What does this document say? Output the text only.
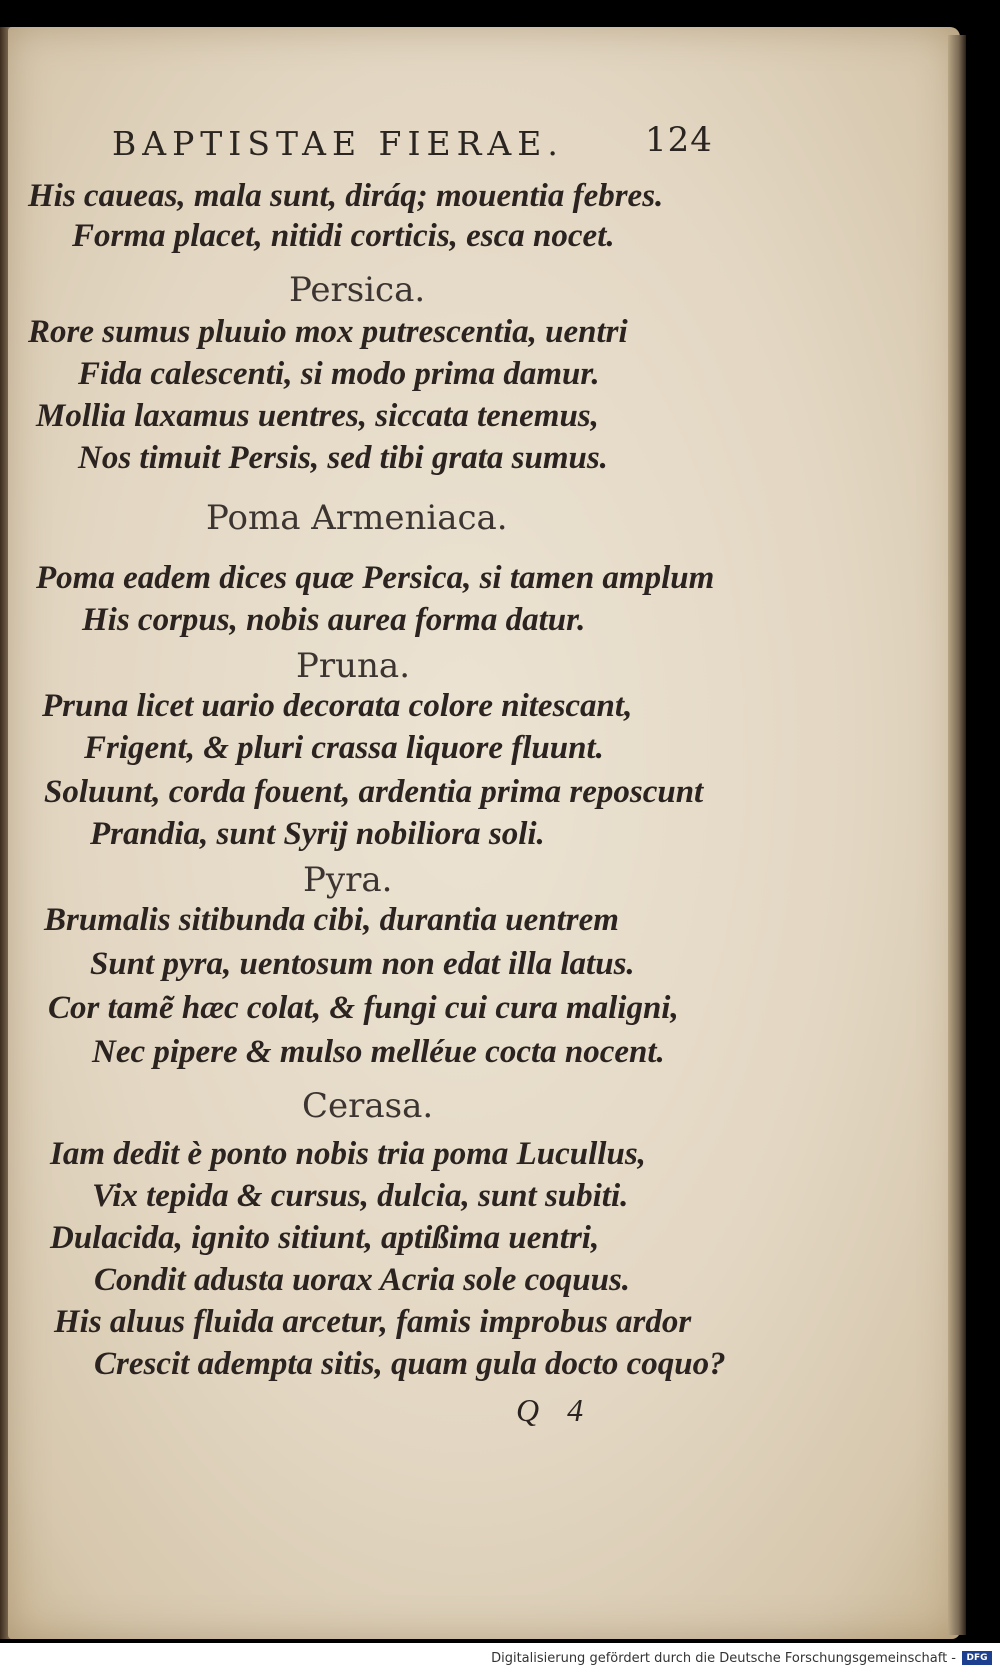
BAPTISTAE FIERAE. 124
His caueas, mala sunt, diráq; mouentia febres.
Forma placet, nitidi corticis, esca nocet.
Persica.
Rore sumus pluuio mox putrescentia, uentri
Fida calescenti, si modo prima damur.
Mollia laxamus uentres, siccata tenemus,
Nos timuit Persis, sed tibi grata sumus.
Poma Armeniaca.
Poma eadem dices quæ Persica, si tamen amplum
His corpus, nobis aurea forma datur.
Pruna.
Pruna licet uario decorata colore nitescant,
Frigent, & pluri crassa liquore fluunt.
Soluunt, corda fouent, ardentia prima reposcunt
Prandia, sunt Syrij nobiliora soli.
Pyra.
Brumalis sitibunda cibi, durantia uentrem
Sunt pyra, uentosum non edat illa latus.
Cor tamẽ hæc colat, & fungi cui cura maligni,
Nec pipere & mulso melléue cocta nocent.
Cerasa.
Iam dedit è ponto nobis tria poma Lucullus,
Vix tepida & cursus, dulcia, sunt subiti.
Dulacida, ignito sitiunt, aptißima uentri,
Condit adusta uorax Acria sole coquus.
His aluus fluida arcetur, famis improbus ardor
Crescit adempta sitis, quam gula docto coquo?
Q 4
Digitalisierung gefördert durch die Deutsche Forschungsgemeinschaft -	DFG
